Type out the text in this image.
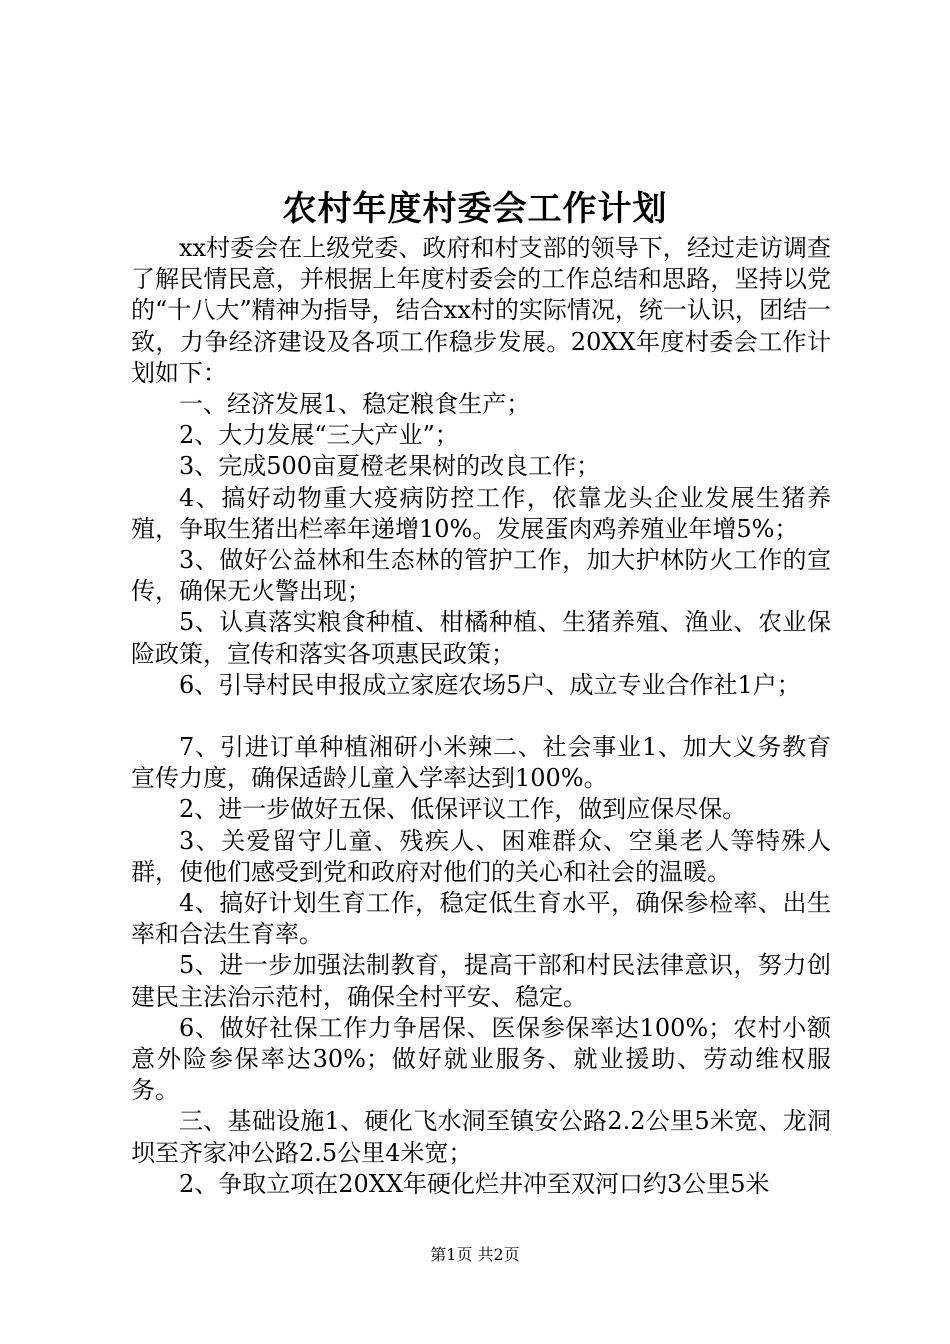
农村年度村委会工作计划

xx村委会在上级党委、政府和村支部的领导下，经过走访调查了解民情民意，并根据上年度村委会的工作总结和思路，坚持以党的“十八大”精神为指导，结合xx村的实际情况，统一认识，团结一致，力争经济建设及各项工作稳步发展。20XX年度村委会工作计划如下：

一、经济发展1、稳定粮食生产；

2、大力发展“三大产业”；

3、完成500亩夏橙老果树的改良工作；

4、搞好动物重大疫病防控工作，依靠龙头企业发展生猪养殖，争取生猪出栏率年递增10%。发展蛋肉鸡养殖业年增5%；

3、做好公益林和生态林的管护工作，加大护林防火工作的宣传，确保无火警出现；

5、认真落实粮食种植、柑橘种植、生猪养殖、渔业、农业保险政策，宣传和落实各项惠民政策；

6、引导村民申报成立家庭农场5户、成立专业合作社1户；

7、引进订单种植湘研小米辣二、社会事业1、加大义务教育宣传力度，确保适龄儿童入学率达到100%。

2、进一步做好五保、低保评议工作，做到应保尽保。

3、关爱留守儿童、残疾人、困难群众、空巢老人等特殊人群，使他们感受到党和政府对他们的关心和社会的温暖。

4、搞好计划生育工作，稳定低生育水平，确保参检率、出生率和合法生育率。

5、进一步加强法制教育，提高干部和村民法律意识，努力创建民主法治示范村，确保全村平安、稳定。

6、做好社保工作力争居保、医保参保率达100%；农村小额意外险参保率达30%；做好就业服务、就业援助、劳动维权服务。

三、基础设施1、硬化飞水洞至镇安公路2.2公里5米宽、龙洞坝至齐家冲公路2.5公里4米宽；

2、争取立项在20XX年硬化烂井冲至双河口约3公里5米

第1页 共2页
